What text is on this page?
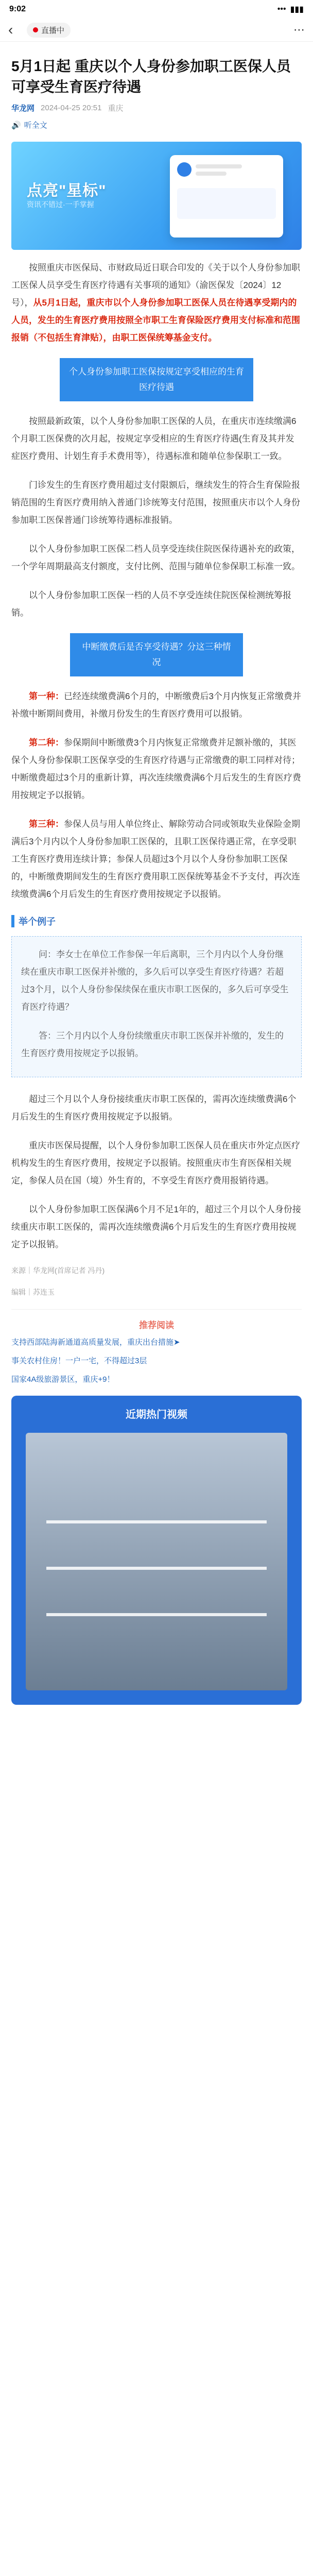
9:02	••• ▮▮▮
‹	直播中	⋯
5月1日起 重庆以个人身份参加职工医保人员可享受生育医疗待遇
华龙网 2024-04-25 20:51 重庆
🔊 听全文
点亮"星标"
资讯不错过·一手掌握

按照重庆市医保局、市财政局近日联合印发的《关于以个人身份参加职工医保人员享受生育医疗待遇有关事项的通知》（渝医保发〔2024〕12号），从5月1日起，重庆市以个人身份参加职工医保人员在待遇享受期内的人员，发生的生育医疗费用按照全市职工生育保险医疗费用支付标准和范围报销（不包括生育津贴），由职工医保统筹基金支付。

个人身份参加职工医保按规定享受相应的生育医疗待遇

按照最新政策，以个人身份参加职工医保的人员，在重庆市连续缴满6个月职工医保费的次月起，按规定享受相应的生育医疗待遇(生育及其并发症医疗费用、计划生育手术费用等），待遇标准和随单位参保职工一致。

门诊发生的生育医疗费用超过支付限额后，继续发生的符合生育保险报销范围的生育医疗费用纳入普通门诊统筹支付范围，按照重庆市以个人身份参加职工医保普通门诊统筹待遇标准报销。

以个人身份参加职工医保二档人员享受连续住院医保待遇补充的政策，一个学年周期最高支付额度，支付比例、范围与随单位参保职工标准一致。

以个人身份参加职工医保一档的人员不享受连续住院医保检测统筹报销。

中断缴费后是否享受待遇？分这三种情况

第一种：已经连续缴费满6个月的，中断缴费后3个月内恢复正常缴费并补缴中断期间费用，补缴月份发生的生育医疗费用可以报销。

第二种：参保期间中断缴费3个月内恢复正常缴费并足额补缴的，其医保个人身份参保职工医保享受的生育医疗待遇与正常缴费的职工同样对待；中断缴费超过3个月的重新计算，再次连续缴费满6个月后发生的生育医疗费用按规定予以报销。

第三种：参保人员与用人单位终止、解除劳动合同或领取失业保险金期满后3个月内以个人身份参加职工医保的，且职工医保待遇正常，在享受职工生育医疗费用连续计算；参保人员超过3个月以个人身份参加职工医保的，中断缴费期间发生的生育医疗费用职工医保统筹基金不予支付，再次连续缴费满6个月后发生的生育医疗费用按规定予以报销。

举个例子

问：李女士在单位工作参保一年后离职，三个月内以个人身份继续在重庆市职工医保并补缴的，多久后可以享受生育医疗待遇？若超过3个月，以个人身份参保续保在重庆市职工医保的，多久后可享受生育医疗待遇？

答：三个月内以个人身份续缴重庆市职工医保并补缴的，发生的生育医疗费用按规定予以报销。

超过三个月以个人身份接续重庆市职工医保的，需再次连续缴费满6个月后发生的生育医疗费用按规定予以报销。

重庆市医保局提醒，以个人身份参加职工医保人员在重庆市外定点医疗机构发生的生育医疗费用，按规定予以报销。按照重庆市生育医保相关规定，参保人员在国（境）外生育的，不享受生育医疗费用报销待遇。

以个人身份参加职工医保满6个月不足1年的，超过三个月以个人身份接续重庆市职工医保的，需再次连续缴费满6个月后发生的生育医疗费用按规定予以报销。

来源｜华龙网(首席记者 冯丹)
编辑｜苏连玉
推荐阅读
支持西部陆海新通道高质量发展，重庆出台措施➤
事关农村住房！一户一宅，不得超过3层
国家4A级旅游景区，重庆+9！
近期热门视频
